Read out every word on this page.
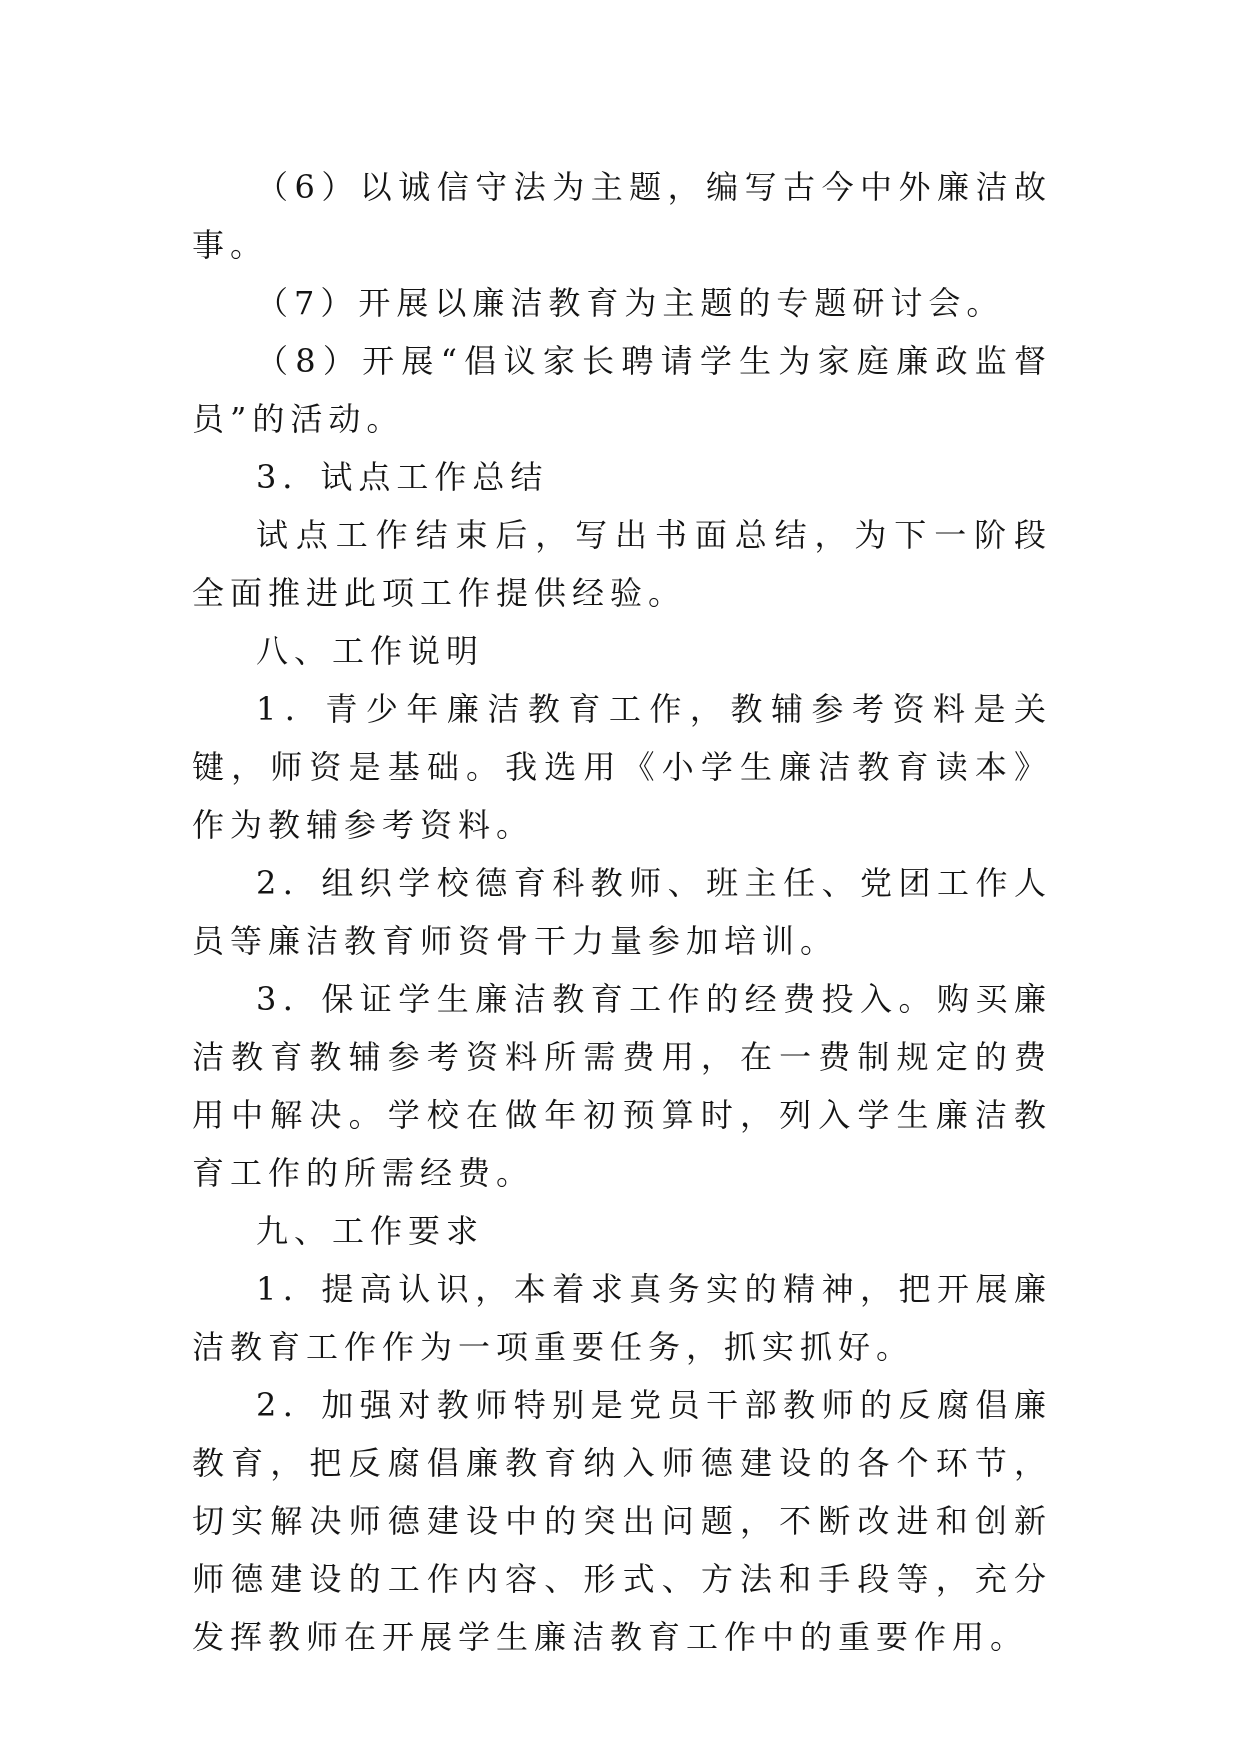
（6）以诚信守法为主题，编写古今中外廉洁故事。

（7）开展以廉洁教育为主题的专题研讨会。

（8）开展“倡议家长聘请学生为家庭廉政监督员”的活动。

3．试点工作总结

试点工作结束后，写出书面总结，为下一阶段全面推进此项工作提供经验。

八、工作说明

1．青少年廉洁教育工作，教辅参考资料是关键，师资是基础。我选用《小学生廉洁教育读本》作为教辅参考资料。

2．组织学校德育科教师、班主任、党团工作人员等廉洁教育师资骨干力量参加培训。

3．保证学生廉洁教育工作的经费投入。购买廉洁教育教辅参考资料所需费用，在一费制规定的费用中解决。学校在做年初预算时，列入学生廉洁教育工作的所需经费。

九、工作要求

1．提高认识，本着求真务实的精神，把开展廉洁教育工作作为一项重要任务，抓实抓好。

2．加强对教师特别是党员干部教师的反腐倡廉教育，把反腐倡廉教育纳入师德建设的各个环节，切实解决师德建设中的突出问题，不断改进和创新师德建设的工作内容、形式、方法和手段等，充分发挥教师在开展学生廉洁教育工作中的重要作用。
